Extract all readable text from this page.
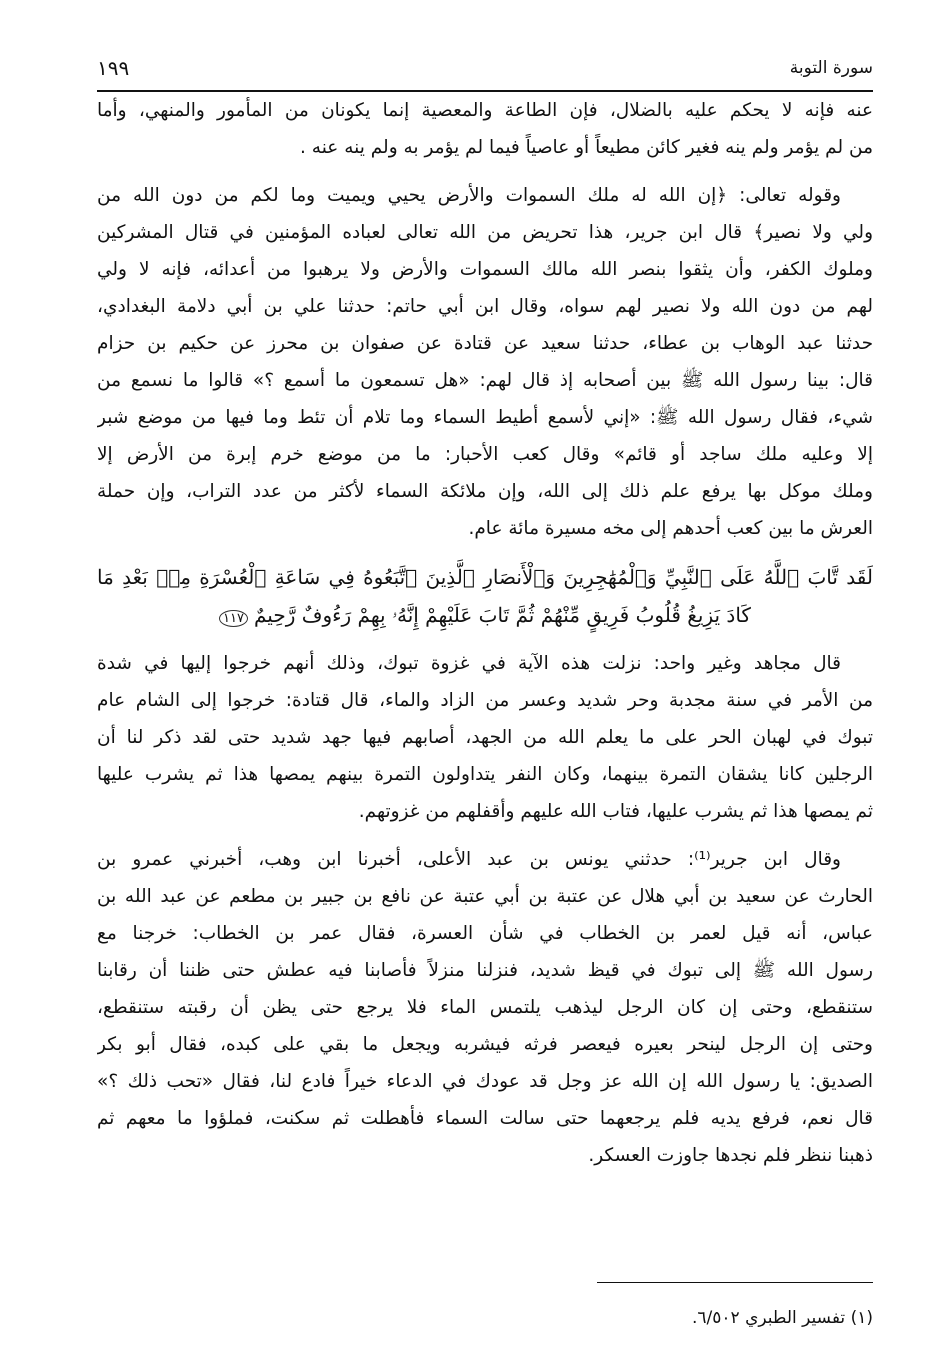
سورة التوبة
١٩٩
عنه فإنه لا يحكم عليه بالضلال، فإن الطاعة والمعصية إنما يكونان من المأمور والمنهي، وأما
من لم يؤمر ولم ينه فغير كائن مطيعاً أو عاصياً فيما لم يؤمر به ولم ينه عنه .
وقوله تعالى: ﴿إن الله له ملك السموات والأرض يحيي ويميت وما لكم من دون الله من
ولي ولا نصير﴾ قال ابن جرير، هذا تحريض من الله تعالى لعباده المؤمنين في قتال المشركين
وملوك الكفر، وأن يثقوا بنصر الله مالك السموات والأرض ولا يرهبوا من أعدائه، فإنه لا ولي
لهم من دون الله ولا نصير لهم سواه، وقال ابن أبي حاتم: حدثنا علي بن أبي دلامة البغدادي،
حدثنا عبد الوهاب بن عطاء، حدثنا سعيد عن قتادة عن صفوان بن محرز عن حكيم بن حزام
قال: بينا رسول الله ﷺ بين أصحابه إذ قال لهم: «هل تسمعون ما أسمع ؟» قالوا ما نسمع من
شيء، فقال رسول الله ﷺ: «إني لأسمع أطيط السماء وما تلام أن تئط وما فيها من موضع شبر
إلا وعليه ملك ساجد أو قائم» وقال كعب الأحبار: ما من موضع خرم إبرة من الأرض إلا
وملك موكل بها يرفع علم ذلك إلى الله، وإن ملائكة السماء لأكثر من عدد التراب، وإن حملة
العرش ما بين كعب أحدهم إلى مخه مسيرة مائة عام.
لَقَد تَّابَ ٱللَّهُ عَلَى ٱلنَّبِيِّ وَٱلْمُهَٰجِرِينَ وَٱلْأَنصَارِ ٱلَّذِينَ ٱتَّبَعُوهُ فِي سَاعَةِ ٱلْعُسْرَةِ مِنۢ بَعْدِ مَا
كَادَ يَزِيغُ قُلُوبُ فَرِيقٍ مِّنْهُمْ ثُمَّ تَابَ عَلَيْهِمْ إِنَّهُۥ بِهِمْ رَءُوفٌ رَّحِيمٌ١١٧
قال مجاهد وغير واحد: نزلت هذه الآية في غزوة تبوك، وذلك أنهم خرجوا إليها في شدة
من الأمر في سنة مجدبة وحر شديد وعسر من الزاد والماء، قال قتادة: خرجوا إلى الشام عام
تبوك في لهبان الحر على ما يعلم الله من الجهد، أصابهم فيها جهد شديد حتى لقد ذكر لنا أن
الرجلين كانا يشقان التمرة بينهما، وكان النفر يتداولون التمرة بينهم يمصها هذا ثم يشرب عليها
ثم يمصها هذا ثم يشرب عليها، فتاب الله عليهم وأقفلهم من غزوتهم.
وقال ابن جرير⁽¹⁾: حدثني يونس بن عبد الأعلى، أخبرنا ابن وهب، أخبرني عمرو بن
الحارث عن سعيد بن أبي هلال عن عتبة بن أبي عتبة عن نافع بن جبير بن مطعم عن عبد الله بن
عباس، أنه قيل لعمر بن الخطاب في شأن العسرة، فقال عمر بن الخطاب: خرجنا مع
رسول الله ﷺ إلى تبوك في قيظ شديد، فنزلنا منزلاً فأصابنا فيه عطش حتى ظننا أن رقابنا
ستنقطع، وحتى إن كان الرجل ليذهب يلتمس الماء فلا يرجع حتى يظن أن رقبته ستنقطع،
وحتى إن الرجل لينحر بعيره فيعصر فرثه فيشربه ويجعل ما بقي على كبده، فقال أبو بكر
الصديق: يا رسول الله إن الله عز وجل قد عودك في الدعاء خيراً فادع لنا، فقال «تحب ذلك ؟»
قال نعم، فرفع يديه فلم يرجعهما حتى سالت السماء فأهطلت ثم سكنت، فملؤوا ما معهم ثم
ذهبنا ننظر فلم نجدها جاوزت العسكر.
(١) تفسير الطبري ٦/٥٠٢.
